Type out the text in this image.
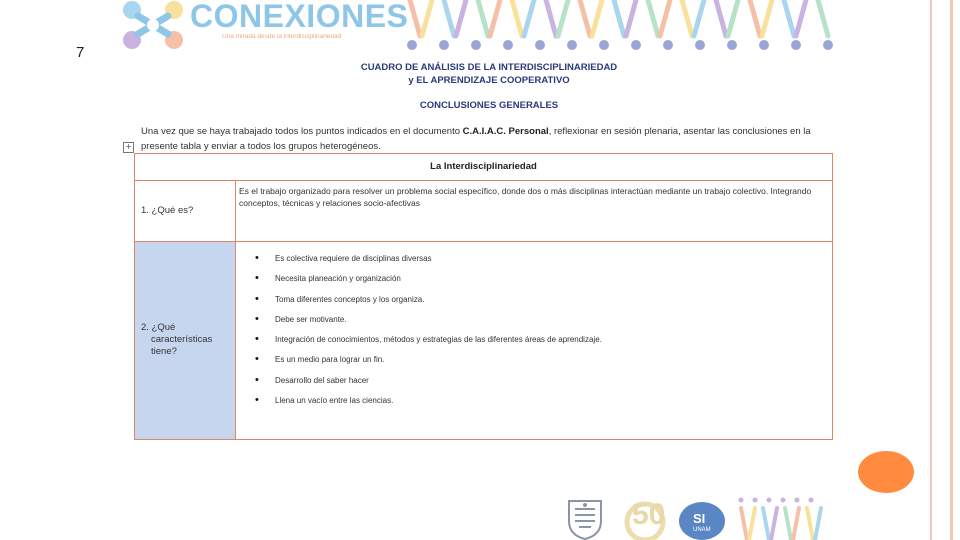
7
CONEXIONES
Una mirada desde la interdisciplinariedad
CUADRO DE ANÁLISIS DE LA INTERDISCIPLINARIEDAD
y EL APRENDIZAJE COOPERATIVO
CONCLUSIONES GENERALES
+
Una vez que se haya trabajado todos los puntos indicados en el documento C.A.I.A.C. Personal, reflexionar en sesión plenaria, asentar las conclusiones en la presente tabla y enviar a todos los grupos heterogéneos.
La Interdisciplinariedad
1. ¿Qué es?
Es el trabajo organizado para resolver un problema social específico, donde dos o más disciplinas interactúan mediante un trabajo colectivo. Integrando conceptos, técnicas y relaciones socio-afectivas
2. ¿Qué
características
tiene?
• Es colectiva requiere de disciplinas diversas
• Necesita planeación y organización
• Toma diferentes conceptos y los organiza.
• Debe ser motivante.
• Integración de conocimientos, métodos y estrategias de las diferentes áreas de aprendizaje.
• Es un medio para lograr un fin.
• Desarrollo del saber hacer
• Llena un vacío entre las ciencias.
50 SI
UNAM
